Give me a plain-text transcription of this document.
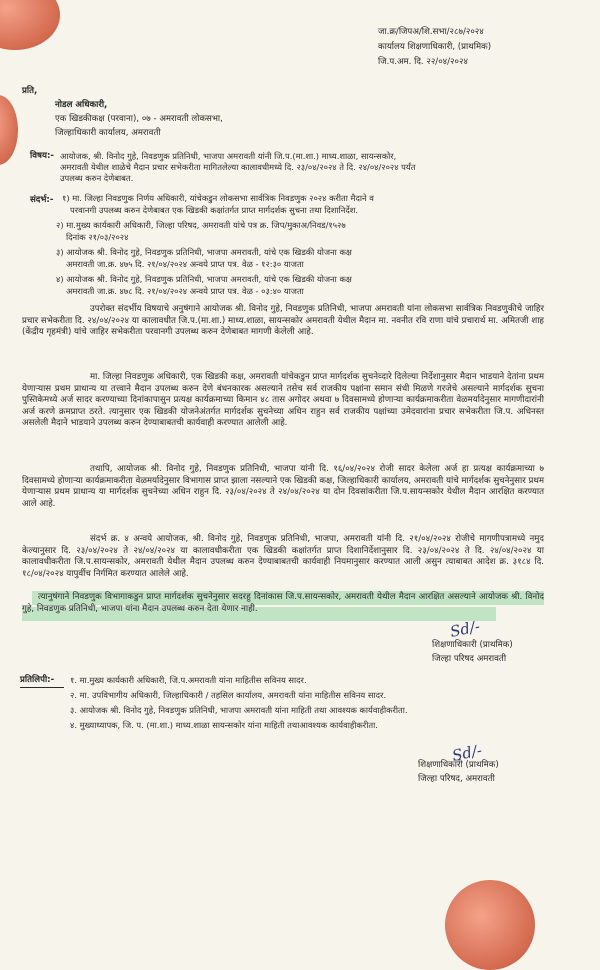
जा.क्र/जिपअ/शि.सभा/२८७/२०२४
कार्यालय शिक्षणाधिकारी, (प्राथमिक)
जि.प.अम. दि. २२/०४/२०२४
प्रति,
नोडल अधिकारी,
एक खिडकीकक्ष (परवाना), ०७ - अमरावती लोकसभा,
जिल्हाधिकारी कार्यालय, अमरावती
विषय:- आयोजक, श्री. विनोद गुहे, निवडणुक प्रतिनिधी, भाजपा अमरावती यांनी जि.प.(मा.शा.) माध्य.शाळा, सायन्सकोर,
अमरावती येथील शाळेचे मैदान प्रचार सभेकरीता मागितलेल्या कालावधीमध्ये दि. २३/०४/२०२४ ते दि. २४/०४/२०२४ पर्यंत
उपलब्ध करुन देणेबाबत.
संदर्भ:- १) मा. जिल्हा निवडणुक निर्णय अधिकारी, यांचेकडुन लोकसभा सार्वत्रिक निवडणुक २०२४ करीता मैदाने व
परवानगी उपलब्ध करुन देणेबाबत एक खिडकी कक्षांतर्गत प्राप्त मार्गदर्शक सुचना तथा दिशानिर्देश.
२) मा.मुख्य कार्यकारी अधिकारी, जिल्हा परिषद, अमरावती यांचे पत्र क्र. जिप/मुकाअ/निवड/१५२७
दिनांक २१/०३/२०२४
३) आयोजक श्री. विनोद गुहे, निवडणुक प्रतिनिधी, भाजपा अमरावती, यांचे एक खिडकी योजना कक्ष
अमरावती जा.क्र. ४७५ दि. २१/०४/२०२४ अन्वये प्राप्त पत्र. वेळ - १२:३० याजता
४) आयोजक श्री. विनोद गुहे, निवडणुक प्रतिनिधी, भाजपा अमरावती, यांचे एक खिडकी योजना कक्ष
अमरावती जा.क्र. ४७८ दि. २१/०४/२०२४ अन्वये प्राप्त पत्र. वेळ - ०३:४० याजता
उपरोक्त संदर्भीय विषयाचे अनुषंगाने आयोजक श्री. विनोद गुहे, निवडणुक प्रतिनिधी, भाजपा अमरावती यांना लोकसभा सार्वत्रिक निवडणुकीचे जाहिर प्रचार सभेकरीता दि. २४/०४/२०२४ या कालावधीत जि.प.(मा.शा.) माध्य.शाळा, सायन्सकोर अमरावती येथील मैदान मा. नवनीत रवि राणा यांचे प्रचारार्थ मा. अमितजी शाह (केंद्रीय गृहमंत्री) यांचे जाहिर सभेकरीता परवानगी उपलब्ध करुन देणेबाबत मागणी केलेली आहे.
मा. जिल्हा निवडणुक अधिकारी, एक खिडकी कक्ष, अमरावती यांचेकडुन प्राप्त मार्गदर्शक सुचनेव्दारे दिलेल्या निर्देशानुसार मैदान भाडयाने देतांना प्रथम येणाऱ्यास प्रथम प्राधान्य या तत्त्वाने मैदान उपलब्ध करुन देणे बंधनकारक असल्याने तसेच सर्व राजकीय पक्षांना समान संधी मिळणे गरजेचे असल्याने मार्गदर्शक सुचना पुस्तिकेमध्ये अर्ज सादर करण्याच्या दिनांकापासुन प्रत्यक्ष कार्यक्रमाच्या किमान ४८ तास अगोदर अथवा ७ दिवसामध्ये होणाऱ्या कार्यक्रमाकरीता वेळमर्यादेनुसार मागणीदारांनी अर्ज करणे क्रमप्राप्त ठरते. त्यानुसार एक खिडकी योजनेअंतर्गत मार्गदर्शक सुचनेच्या अधिन राहुन सर्व राजकीय पक्षांच्या उमेदवारांना प्रचार सभेकरीता जि.प. अधिनस्त असलेली मैदाने भाडयाने उपलब्ध करुन देण्याबाबतची कार्यवाही करण्यात आलेली आहे.
तथापि, आयोजक श्री. विनोद गुहे, निवडणुक प्रतिनिधी, भाजपा यांनी दि. १६/०४/२०२४ रोजी सादर केलेला अर्ज हा प्रत्यक्ष कार्यक्रमाच्या ७ दिवसामध्ये होणाऱ्या कार्यक्रमाकरीता वेळमर्यादेनुसार विभागास प्राप्त झाला नसल्याने एक खिडकी कक्ष, जिल्हाधिकारी कार्यालय, अमरावती यांचे मार्गदर्शक सुचनेनुसार प्रथम येणाऱ्यास प्रथम प्राधान्य या मार्गदर्शक सुचनेच्या अधिन राहुन दि. २३/०४/२०२४ ते २४/०४/२०२४ या दोन दिवसांकरीता जि.प.सायन्सकोर येथील मैदान आरक्षित करण्यात आले आहे.
संदर्भ क्र. ४ अन्वये आयोजक, श्री. विनोद गुहे, निवडणुक प्रतिनिधी, भाजपा, अमरावती यांनी दि. २१/०४/२०२४ रोजीचे मागणीपत्रामध्ये नमुद केल्यानुसार दि. २३/०४/२०२४ ते २४/०४/२०२४ या कालावधीकरीता एक खिडकी कक्षांतर्गत प्राप्त दिशानिर्देशानुसार दि. २३/०४/२०२४ ते दि. २४/०४/२०२४ या कालावधीकरीता जि.प.सायन्सकोर, अमरावती येथील मैदान उपलब्ध करुन देण्याबाबतची कार्यवाही नियमानुसार करण्यात आली असुन त्याबाबत आदेश क्र. ३१८४ दि. १८/०४/२०२४ यापुर्वीच निर्गमित करण्यात आलेले आहे.
त्यानुषंगाने निवडणुक विभागाकडुन प्राप्त मार्गदर्शक सुचनेनुसार सदरहु दिनांकास जि.प.सायन्सकोर, अमरावती येथील मैदान आरक्षित असल्याने आयोजक श्री. विनोद गुहे, निवडणुक प्रतिनिधी, भाजपा यांना मैदान उपलब्ध करुन देता येणार नाही.
Sd/-
शिक्षणाधिकारी (प्राथमिक)
जिल्हा परिषद अमरावती
प्रतिलिपी:- १. मा.मुख्य कार्यकारी अधिकारी, जि.प.अमरावती यांना माहितीस सविनय सादर.
२. मा. उपविभागीय अधिकारी, जिल्हाधिकारी / तहसिल कार्यालय, अमरावती यांना माहितीस सविनय सादर.
३. आयोजक श्री. विनोद गुहे, निवडणुक प्रतिनिधी, भाजपा अमरावती यांना माहिती तथा आवश्यक कार्यवाहीकरीता.
४. मुख्याध्यापक, जि. प. (मा.शा.) माध्य.शाळा सायन्सकोर यांना माहिती तथाआवश्यक कार्यवाहीकरीता.
Sd/-
शिक्षणाधिकारी (प्राथमिक)
जिल्हा परिषद, अमरावती
